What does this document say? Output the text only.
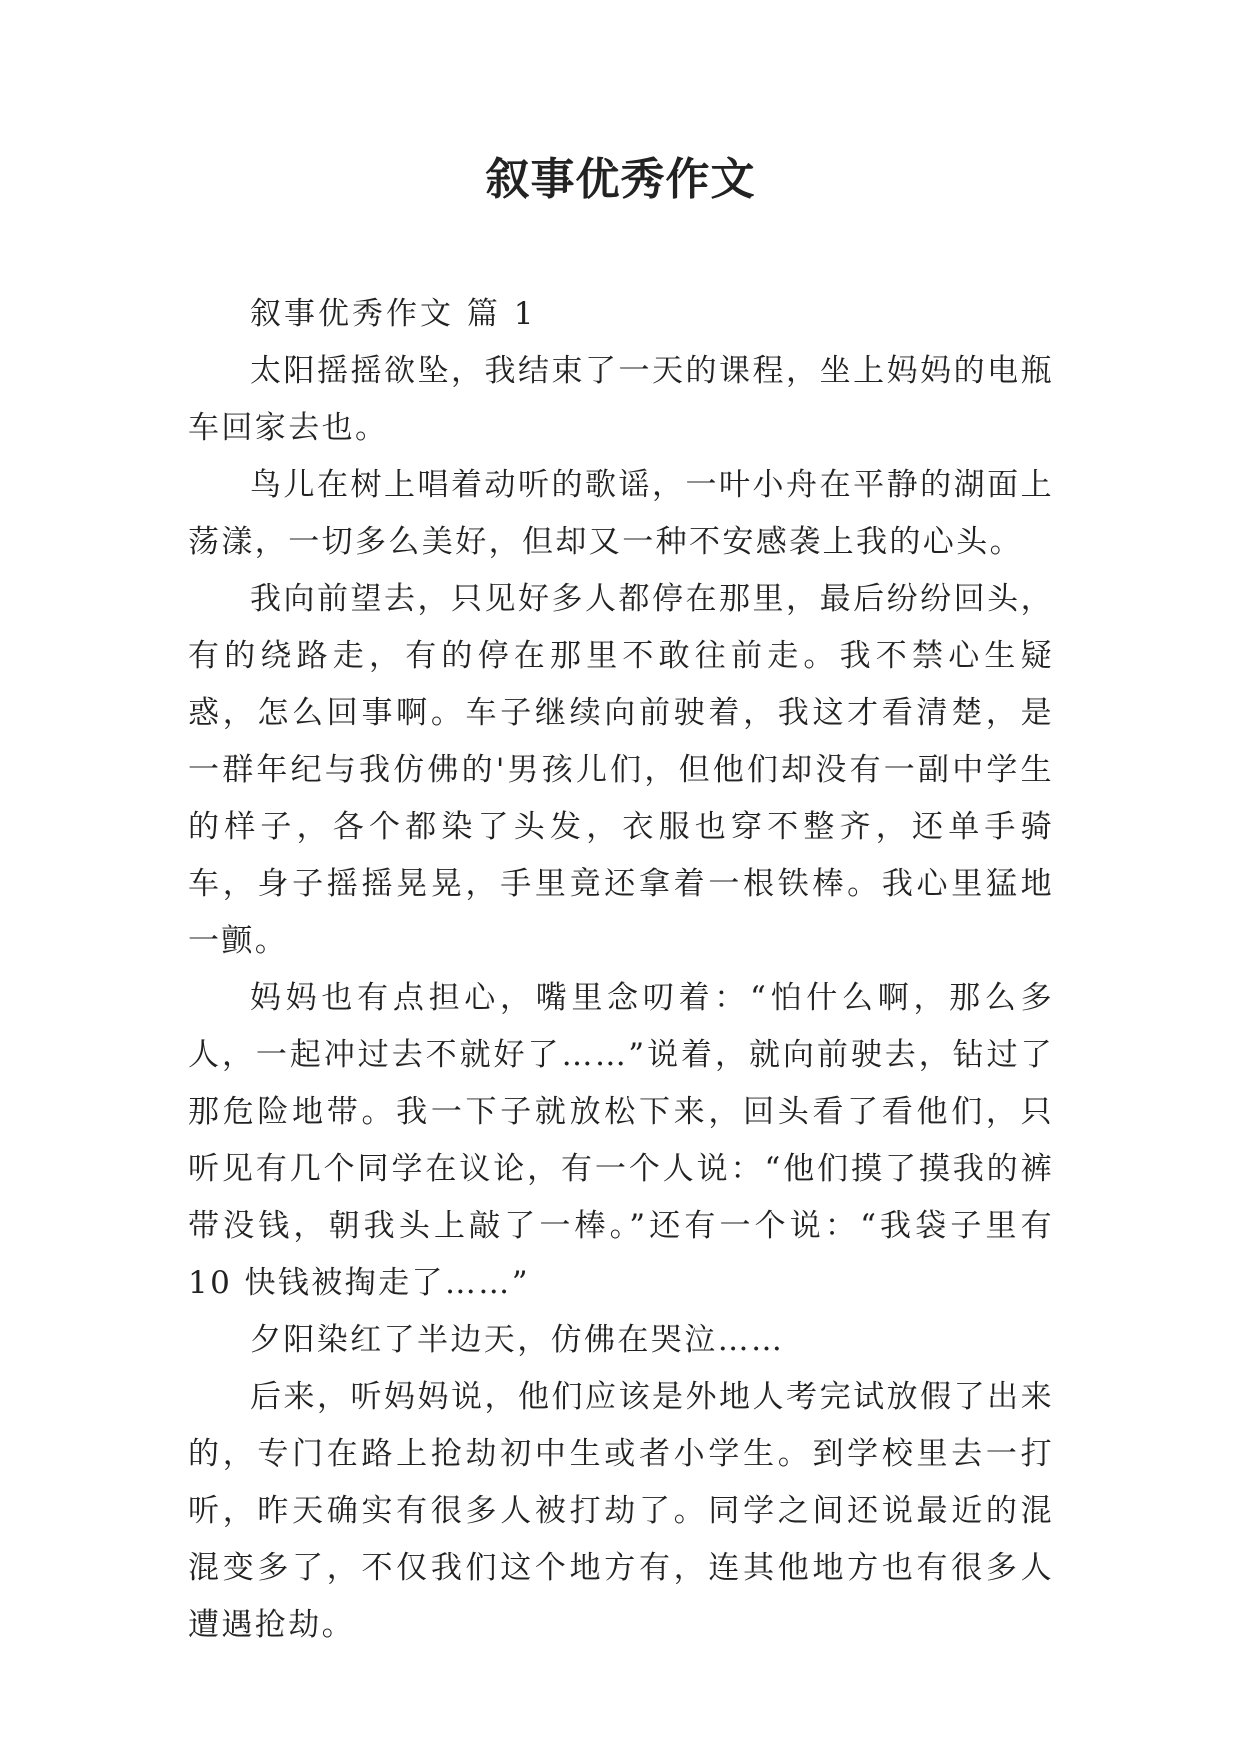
叙事优秀作文

叙事优秀作文 篇 1

太阳摇摇欲坠，我结束了一天的课程，坐上妈妈的电瓶车回家去也。

鸟儿在树上唱着动听的歌谣，一叶小舟在平静的湖面上荡漾，一切多么美好，但却又一种不安感袭上我的心头。

我向前望去，只见好多人都停在那里，最后纷纷回头，有的绕路走，有的停在那里不敢往前走。我不禁心生疑惑，怎么回事啊。车子继续向前驶着，我这才看清楚，是一群年纪与我仿佛的'男孩儿们，但他们却没有一副中学生的样子，各个都染了头发，衣服也穿不整齐，还单手骑车，身子摇摇晃晃，手里竟还拿着一根铁棒。我心里猛地一颤。

妈妈也有点担心，嘴里念叨着：“怕什么啊，那么多人，一起冲过去不就好了……”说着，就向前驶去，钻过了那危险地带。我一下子就放松下来，回头看了看他们，只听见有几个同学在议论，有一个人说：“他们摸了摸我的裤带没钱，朝我头上敲了一棒。”还有一个说：“我袋子里有 10 快钱被掏走了……”

夕阳染红了半边天，仿佛在哭泣……

后来，听妈妈说，他们应该是外地人考完试放假了出来的，专门在路上抢劫初中生或者小学生。到学校里去一打听，昨天确实有很多人被打劫了。同学之间还说最近的混混变多了，不仅我们这个地方有，连其他地方也有很多人遭遇抢劫。
